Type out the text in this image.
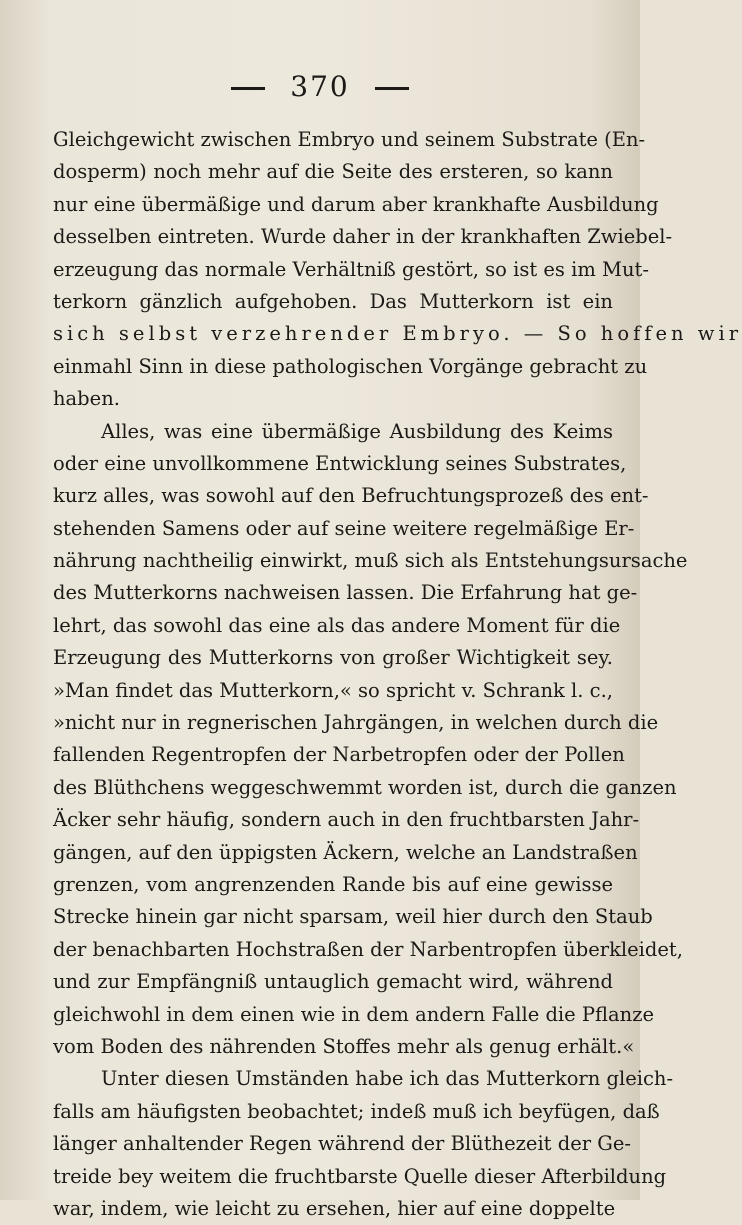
370
Gleichgewicht zwischen Embryo und seinem Substrate (En-
dosperm) noch mehr auf die Seite des ersteren, so kann
nur eine übermäßige und darum aber krankhafte Ausbildung
desselben eintreten. Wurde daher in der krankhaften Zwiebel-
erzeugung das normale Verhältniß gestört, so ist es im Mut-
terkorn gänzlich aufgehoben. Das Mutterkorn ist ein
sich selbst verzehrender Embryo. — So hoffen wir
einmahl Sinn in diese pathologischen Vorgänge gebracht zu
haben.
Alles, was eine übermäßige Ausbildung des Keims
oder eine unvollkommene Entwicklung seines Substrates,
kurz alles, was sowohl auf den Befruchtungsprozeß des ent-
stehenden Samens oder auf seine weitere regelmäßige Er-
nährung nachtheilig einwirkt, muß sich als Entstehungsursache
des Mutterkorns nachweisen lassen. Die Erfahrung hat ge-
lehrt, das sowohl das eine als das andere Moment für die
Erzeugung des Mutterkorns von großer Wichtigkeit sey.
»Man findet das Mutterkorn,« so spricht v. Schrank l. c.,
»nicht nur in regnerischen Jahrgängen, in welchen durch die
fallenden Regentropfen der Narbetropfen oder der Pollen
des Blüthchens weggeschwemmt worden ist, durch die ganzen
Äcker sehr häufig, sondern auch in den fruchtbarsten Jahr-
gängen, auf den üppigsten Äckern, welche an Landstraßen
grenzen, vom angrenzenden Rande bis auf eine gewisse
Strecke hinein gar nicht sparsam, weil hier durch den Staub
der benachbarten Hochstraßen der Narbentropfen überkleidet,
und zur Empfängniß untauglich gemacht wird, während
gleichwohl in dem einen wie in dem andern Falle die Pflanze
vom Boden des nährenden Stoffes mehr als genug erhält.«
Unter diesen Umständen habe ich das Mutterkorn gleich-
falls am häufigsten beobachtet; indeß muß ich beyfügen, daß
länger anhaltender Regen während der Blüthezeit der Ge-
treide bey weitem die fruchtbarste Quelle dieser Afterbildung
war, indem, wie leicht zu ersehen, hier auf eine doppelte
